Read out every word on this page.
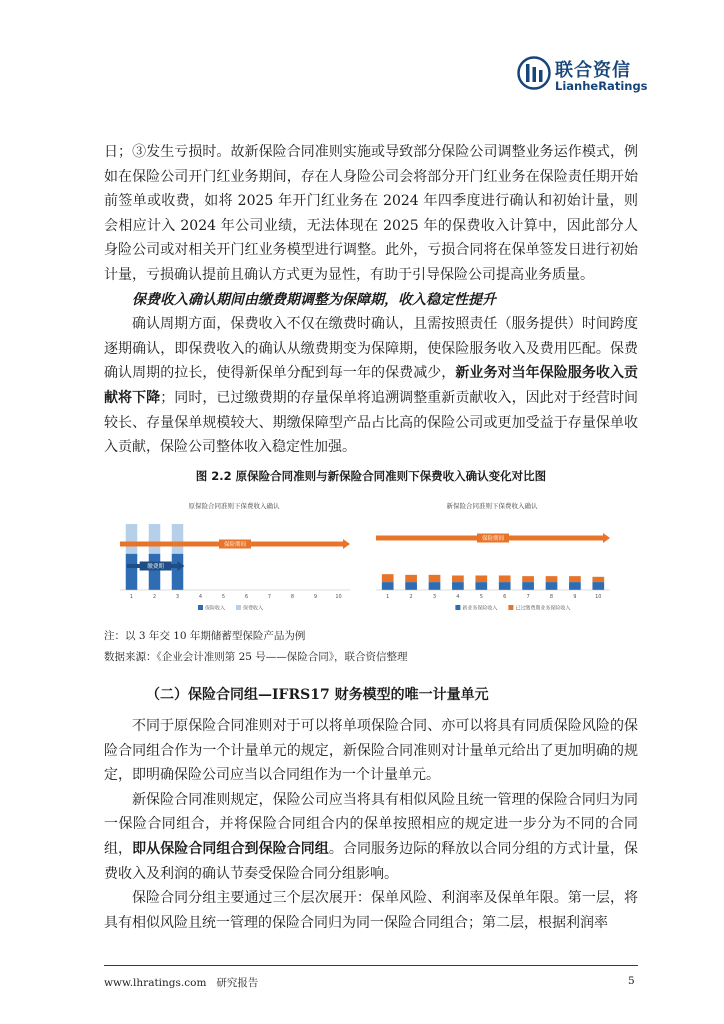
联合资信
LianheRatings
日；③发生亏损时。故新保险合同准则实施或导致部分保险公司调整业务运作模式，例如在保险公司开门红业务期间，存在人身险公司会将部分开门红业务在保险责任期开始前签单或收费，如将 2025 年开门红业务在 2024 年四季度进行确认和初始计量，则会相应计入 2024 年公司业绩，无法体现在 2025 年的保费收入计算中，因此部分人身险公司或对相关开门红业务模型进行调整。此外，亏损合同将在保单签发日进行初始计量，亏损确认提前且确认方式更为显性，有助于引导保险公司提高业务质量。
保费收入确认期间由缴费期调整为保障期，收入稳定性提升
确认周期方面，保费收入不仅在缴费时确认，且需按照责任（服务提供）时间跨度逐期确认，即保费收入的确认从缴费期变为保障期，使保险服务收入及费用匹配。保费确认周期的拉长，使得新保单分配到每一年的保费减少，新业务对当年保险服务收入贡献将下降；同时，已过缴费期的存量保单将追溯调整重新贡献收入，因此对于经营时间较长、存量保单规模较大、期缴保障型产品占比高的保险公司或更加受益于存量保单收入贡献，保险公司整体收入稳定性加强。
图 2.2 原保险合同准则与新保险合同准则下保费收入确认变化对比图
原保险合同准则下保费收入确认
1	2	3	4	5	6	7	8	9	10
保险期间
缴费期
保险收入	保费收入
新保险合同准则下保费收入确认
1	2	3	4	5	6	7	8	9	10
保险期间
新业务保险收入	已过缴费期业务保险收入
注：以 3 年交 10 年期储蓄型保险产品为例
数据来源：《企业会计准则第 25 号——保险合同》，联合资信整理
（二）保险合同组—IFRS17 财务模型的唯一计量单元
不同于原保险合同准则对于可以将单项保险合同、亦可以将具有同质保险风险的保险合同组合作为一个计量单元的规定，新保险合同准则对计量单元给出了更加明确的规定，即明确保险公司应当以合同组作为一个计量单元。
新保险合同准则规定，保险公司应当将具有相似风险且统一管理的保险合同归为同一保险合同组合，并将保险合同组合内的保单按照相应的规定进一步分为不同的合同组，即从保险合同组合到保险合同组。合同服务边际的释放以合同分组的方式计量，保费收入及利润的确认节奏受保险合同分组影响。
保险合同分组主要通过三个层次展开：保单风险、利润率及保单年限。第一层，将具有相似风险且统一管理的保险合同归为同一保险合同组合；第二层，根据利润率
www.lhratings.com 研究报告	5
